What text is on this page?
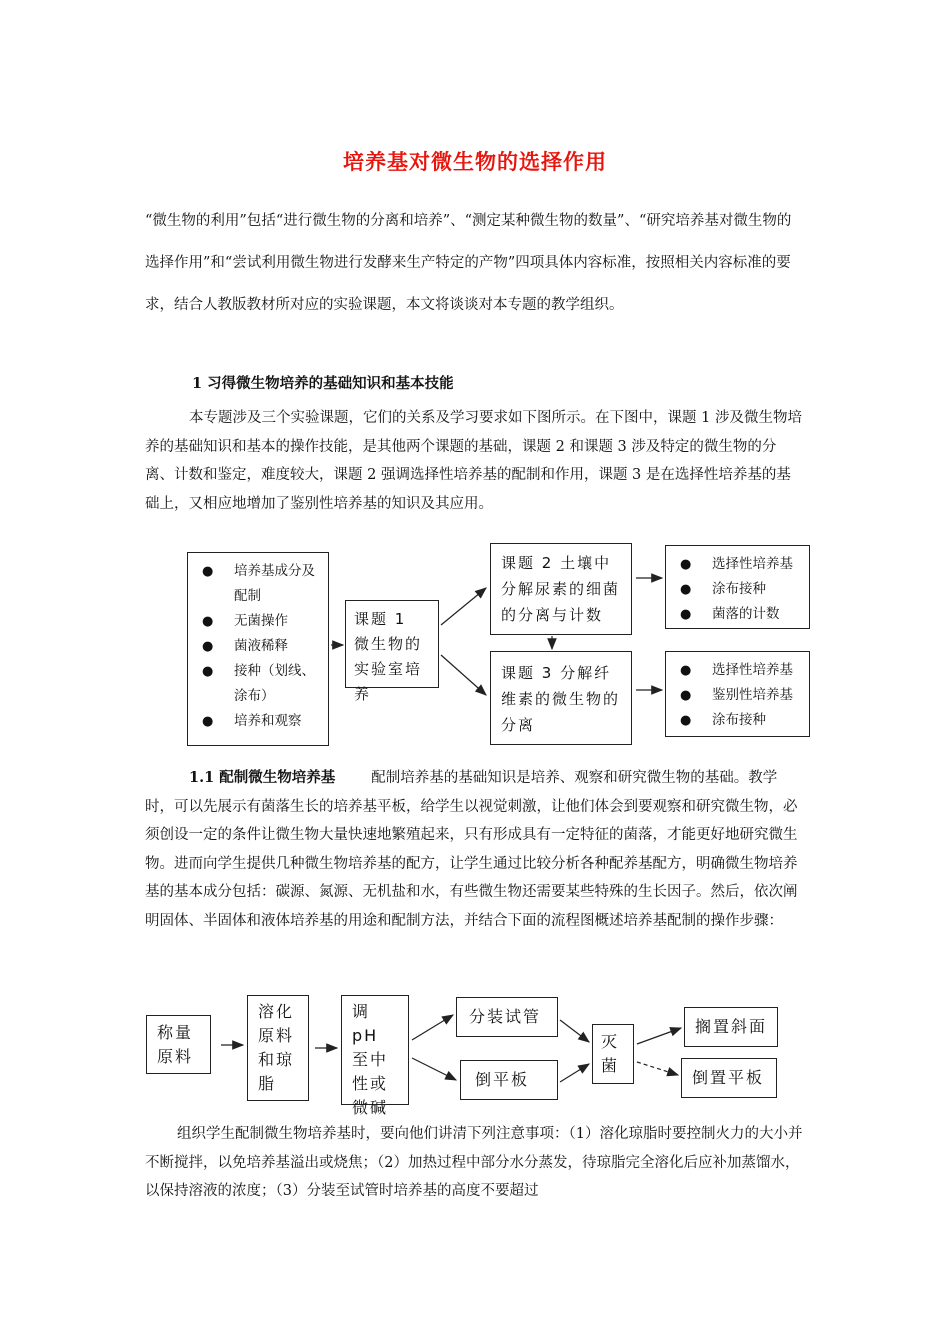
培养基对微生物的选择作用
“微生物的利用”包括“进行微生物的分离和培养”、“测定某种微生物的数量”、“研究培养基对微生物的选择作用”和“尝试利用微生物进行发酵来生产特定的产物”四项具体内容标准，按照相关内容标准的要求，结合人教版教材所对应的实验课题，本文将谈谈对本专题的教学组织。
1 习得微生物培养的基础知识和基本技能
本专题涉及三个实验课题，它们的关系及学习要求如下图所示。在下图中，课题 1 涉及微生物培养的基础知识和基本的操作技能，是其他两个课题的基础，课题 2 和课题 3 涉及特定的微生物的分离、计数和鉴定，难度较大，课题 2 强调选择性培养基的配制和作用，课题 3 是在选择性培养基的基础上，又相应地增加了鉴别性培养基的知识及其应用。
● 培养基成分及配制
● 无菌操作
● 菌液稀释
● 接种（划线、涂布）
● 培养和观察
课题 1 微生物的实验室培养
课题 2 土壤中分解尿素的细菌的分离与计数
课题 3 分解纤维素的微生物的分离
● 选择性培养基
● 涂布接种
● 菌落的计数
● 选择性培养基
● 鉴别性培养基
● 涂布接种
1.1 配制微生物培养基 配制培养基的基础知识是培养、观察和研究微生物的基础。教学时，可以先展示有菌落生长的培养基平板，给学生以视觉刺激，让他们体会到要观察和研究微生物，必须创设一定的条件让微生物大量快速地繁殖起来，只有形成具有一定特征的菌落，才能更好地研究微生物。进而向学生提供几种微生物培养基的配方，让学生通过比较分析各种配养基配方，明确微生物培养基的基本成分包括：碳源、氮源、无机盐和水，有些微生物还需要某些特殊的生长因子。然后，依次阐明固体、半固体和液体培养基的用途和配制方法，并结合下面的流程图概述培养基配制的操作步骤：
称量原料
溶化原料和琼脂
调 pH 至中性或微碱
分装试管
倒平板
灭菌
搁置斜面
倒置平板
组织学生配制微生物培养基时，要向他们讲清下列注意事项：（1）溶化琼脂时要控制火力的大小并不断搅拌，以免培养基溢出或烧焦；（2）加热过程中部分水分蒸发，待琼脂完全溶化后应补加蒸馏水，以保持溶液的浓度；（3）分装至试管时培养基的高度不要超过
